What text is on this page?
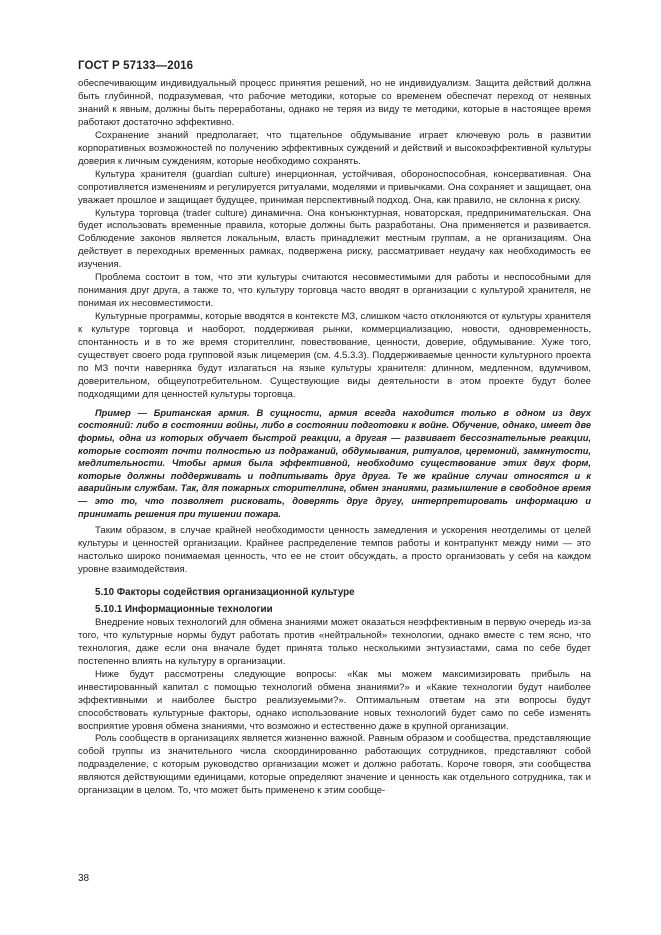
ГОСТ Р 57133—2016

обеспечивающим индивидуальный процесс принятия решений, но не индивидуализм. Защита действий должна быть глубинной, подразумевая, что рабочие методики, которые со временем обеспечат переход от неявных знаний к явным, должны быть переработаны, однако не теряя из виду те методики, которые в настоящее время работают достаточно эффективно.

Сохранение знаний предполагает, что тщательное обдумывание играет ключевую роль в развитии корпоративных возможностей по получению эффективных суждений и действий и высокоэффективной культуры доверия к личным суждениям, которые необходимо сохранять.

Культура хранителя (guardian culture) инерционная, устойчивая, обороноспособная, консервативная. Она сопротивляется изменениям и регулируется ритуалами, моделями и привычками. Она сохраняет и защищает, она уважает прошлое и защищает будущее, принимая перспективный подход. Она, как правило, не склонна к риску.

Культура торговца (trader culture) динамична. Она конъюнктурная, новаторская, предпринимательская. Она будет использовать временные правила, которые должны быть разработаны. Она применяется и развивается. Соблюдение законов является локальным, власть принадлежит местным группам, а не организациям. Она действует в переходных временных рамках, подвержена риску, рассматривает неудачу как необходимость ее изучения.

Проблема состоит в том, что эти культуры считаются несовместимыми для работы и неспособными для понимания друг друга, а также то, что культуру торговца часто вводят в организации с культурой хранителя, не понимая их несовместимости.

Культурные программы, которые вводятся в контексте МЗ, слишком часто отклоняются от культуры хранителя к культуре торговца и наоборот, поддерживая рынки, коммерциализацию, новости, одновременность, спонтанность и в то же время сторителлинг, повествование, ценности, доверие, обдумывание. Хуже того, существует своего рода групповой язык лицемерия (см. 4.5.3.3). Поддерживаемые ценности культурного проекта по МЗ почти наверняка будут излагаться на языке культуры хранителя: длинном, медленном, вдумчивом, доверительном, общеупотребительном. Существующие виды деятельности в этом проекте будут более подходящими для ценностей культуры торговца.

Пример — Британская армия. В сущности, армия всегда находится только в одном из двух состояний: либо в состоянии войны, либо в состоянии подготовки к войне. Обучение, однако, имеет две формы, одна из которых обучает быстрой реакции, а другая — развивает бессознательные реакции, которые состоят почти полностью из подражаний, обдумывания, ритуалов, церемоний, замкнутости, медлительности. Чтобы армия была эффективной, необходимо существование этих двух форм, которые должны поддерживать и подпитывать друг друга. Те же крайние случаи относятся и к аварийным службам. Так, для пожарных сторителлинг, обмен знаниями, размышление в свободное время — это то, что позволяет рисковать, доверять друг другу, интерпретировать информацию и принимать решения при тушении пожара.

Таким образом, в случае крайней необходимости ценность замедления и ускорения неотделимы от целей культуры и ценностей организации. Крайнее распределение темпов работы и контрапункт между ними — это настолько широко понимаемая ценность, что ее не стоит обсуждать, а просто организовать у себя на каждом уровне взаимодействия.

5.10 Факторы содействия организационной культуре

5.10.1 Информационные технологии

Внедрение новых технологий для обмена знаниями может оказаться неэффективным в первую очередь из-за того, что культурные нормы будут работать против «нейтральной» технологии, однако вместе с тем ясно, что технология, даже если она вначале будет принята только несколькими энтузиастами, сама по себе будет постепенно влиять на культуру в организации.

Ниже будут рассмотрены следующие вопросы: «Как мы можем максимизировать прибыль на инвестированный капитал с помощью технологий обмена знаниями?» и «Какие технологии будут наиболее эффективными и наиболее быстро реализуемыми?». Оптимальным ответам на эти вопросы будут способствовать культурные факторы, однако использование новых технологий будет само по себе изменять восприятие уровня обмена знаниями, что возможно и естественно даже в крупной организации.

Роль сообществ в организациях является жизненно важной. Равным образом и сообщества, представляющие собой группы из значительного числа скоординированно работающих сотрудников, представляют собой подразделение, с которым руководство организации может и должно работать. Короче говоря, эти сообщества являются действующими единицами, которые определяют значение и ценность как отдельного сотрудника, так и организации в целом. То, что может быть применено к этим сообще-

38
